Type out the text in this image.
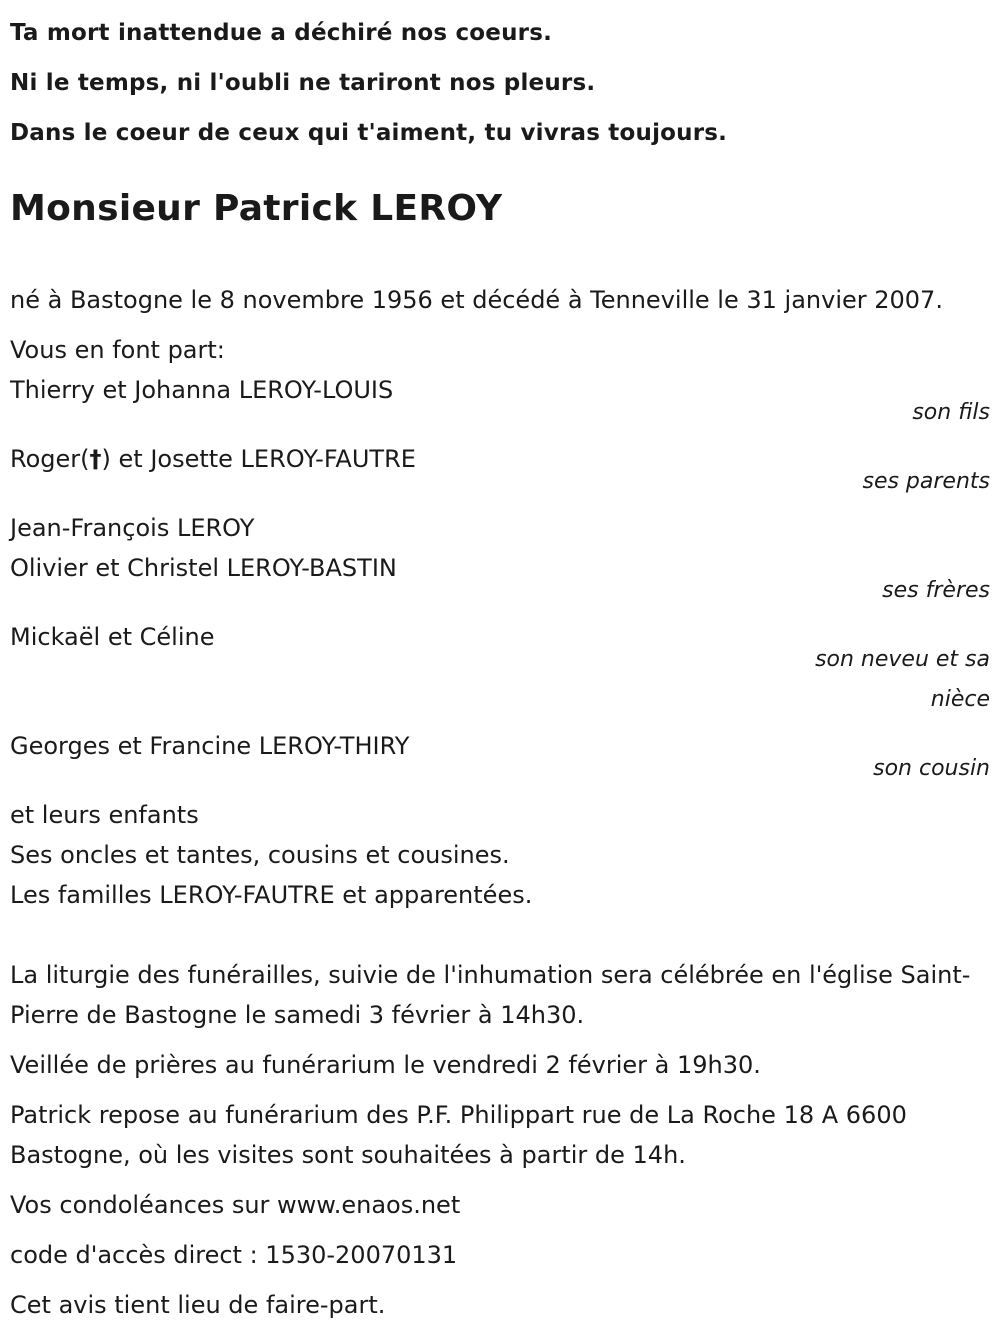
Ta mort inattendue a déchiré nos coeurs.
Ni le temps, ni l'oubli ne tariront nos pleurs.
Dans le coeur de ceux qui t'aiment, tu vivras toujours.
Monsieur Patrick LEROY
né à Bastogne le 8 novembre 1956 et décédé à Tenneville le 31 janvier 2007.
Vous en font part:
Thierry et Johanna LEROY-LOUIS
son fils
Roger(†) et Josette LEROY-FAUTRE
ses parents
Jean-François LEROY
Olivier et Christel LEROY-BASTIN
ses frères
Mickaël et Céline
son neveu et sa nièce
Georges et Francine LEROY-THIRY
son cousin
et leurs enfants
Ses oncles et tantes, cousins et cousines.
Les familles LEROY-FAUTRE et apparentées.
La liturgie des funérailles, suivie de l'inhumation sera célébrée en l'église Saint-Pierre de Bastogne le samedi 3 février à 14h30.
Veillée de prières au funérarium le vendredi 2 février à 19h30.
Patrick repose au funérarium des P.F. Philippart rue de La Roche 18 A 6600 Bastogne, où les visites sont souhaitées à partir de 14h.
Vos condoléances sur www.enaos.net
code d'accès direct : 1530-20070131
Cet avis tient lieu de faire-part.
